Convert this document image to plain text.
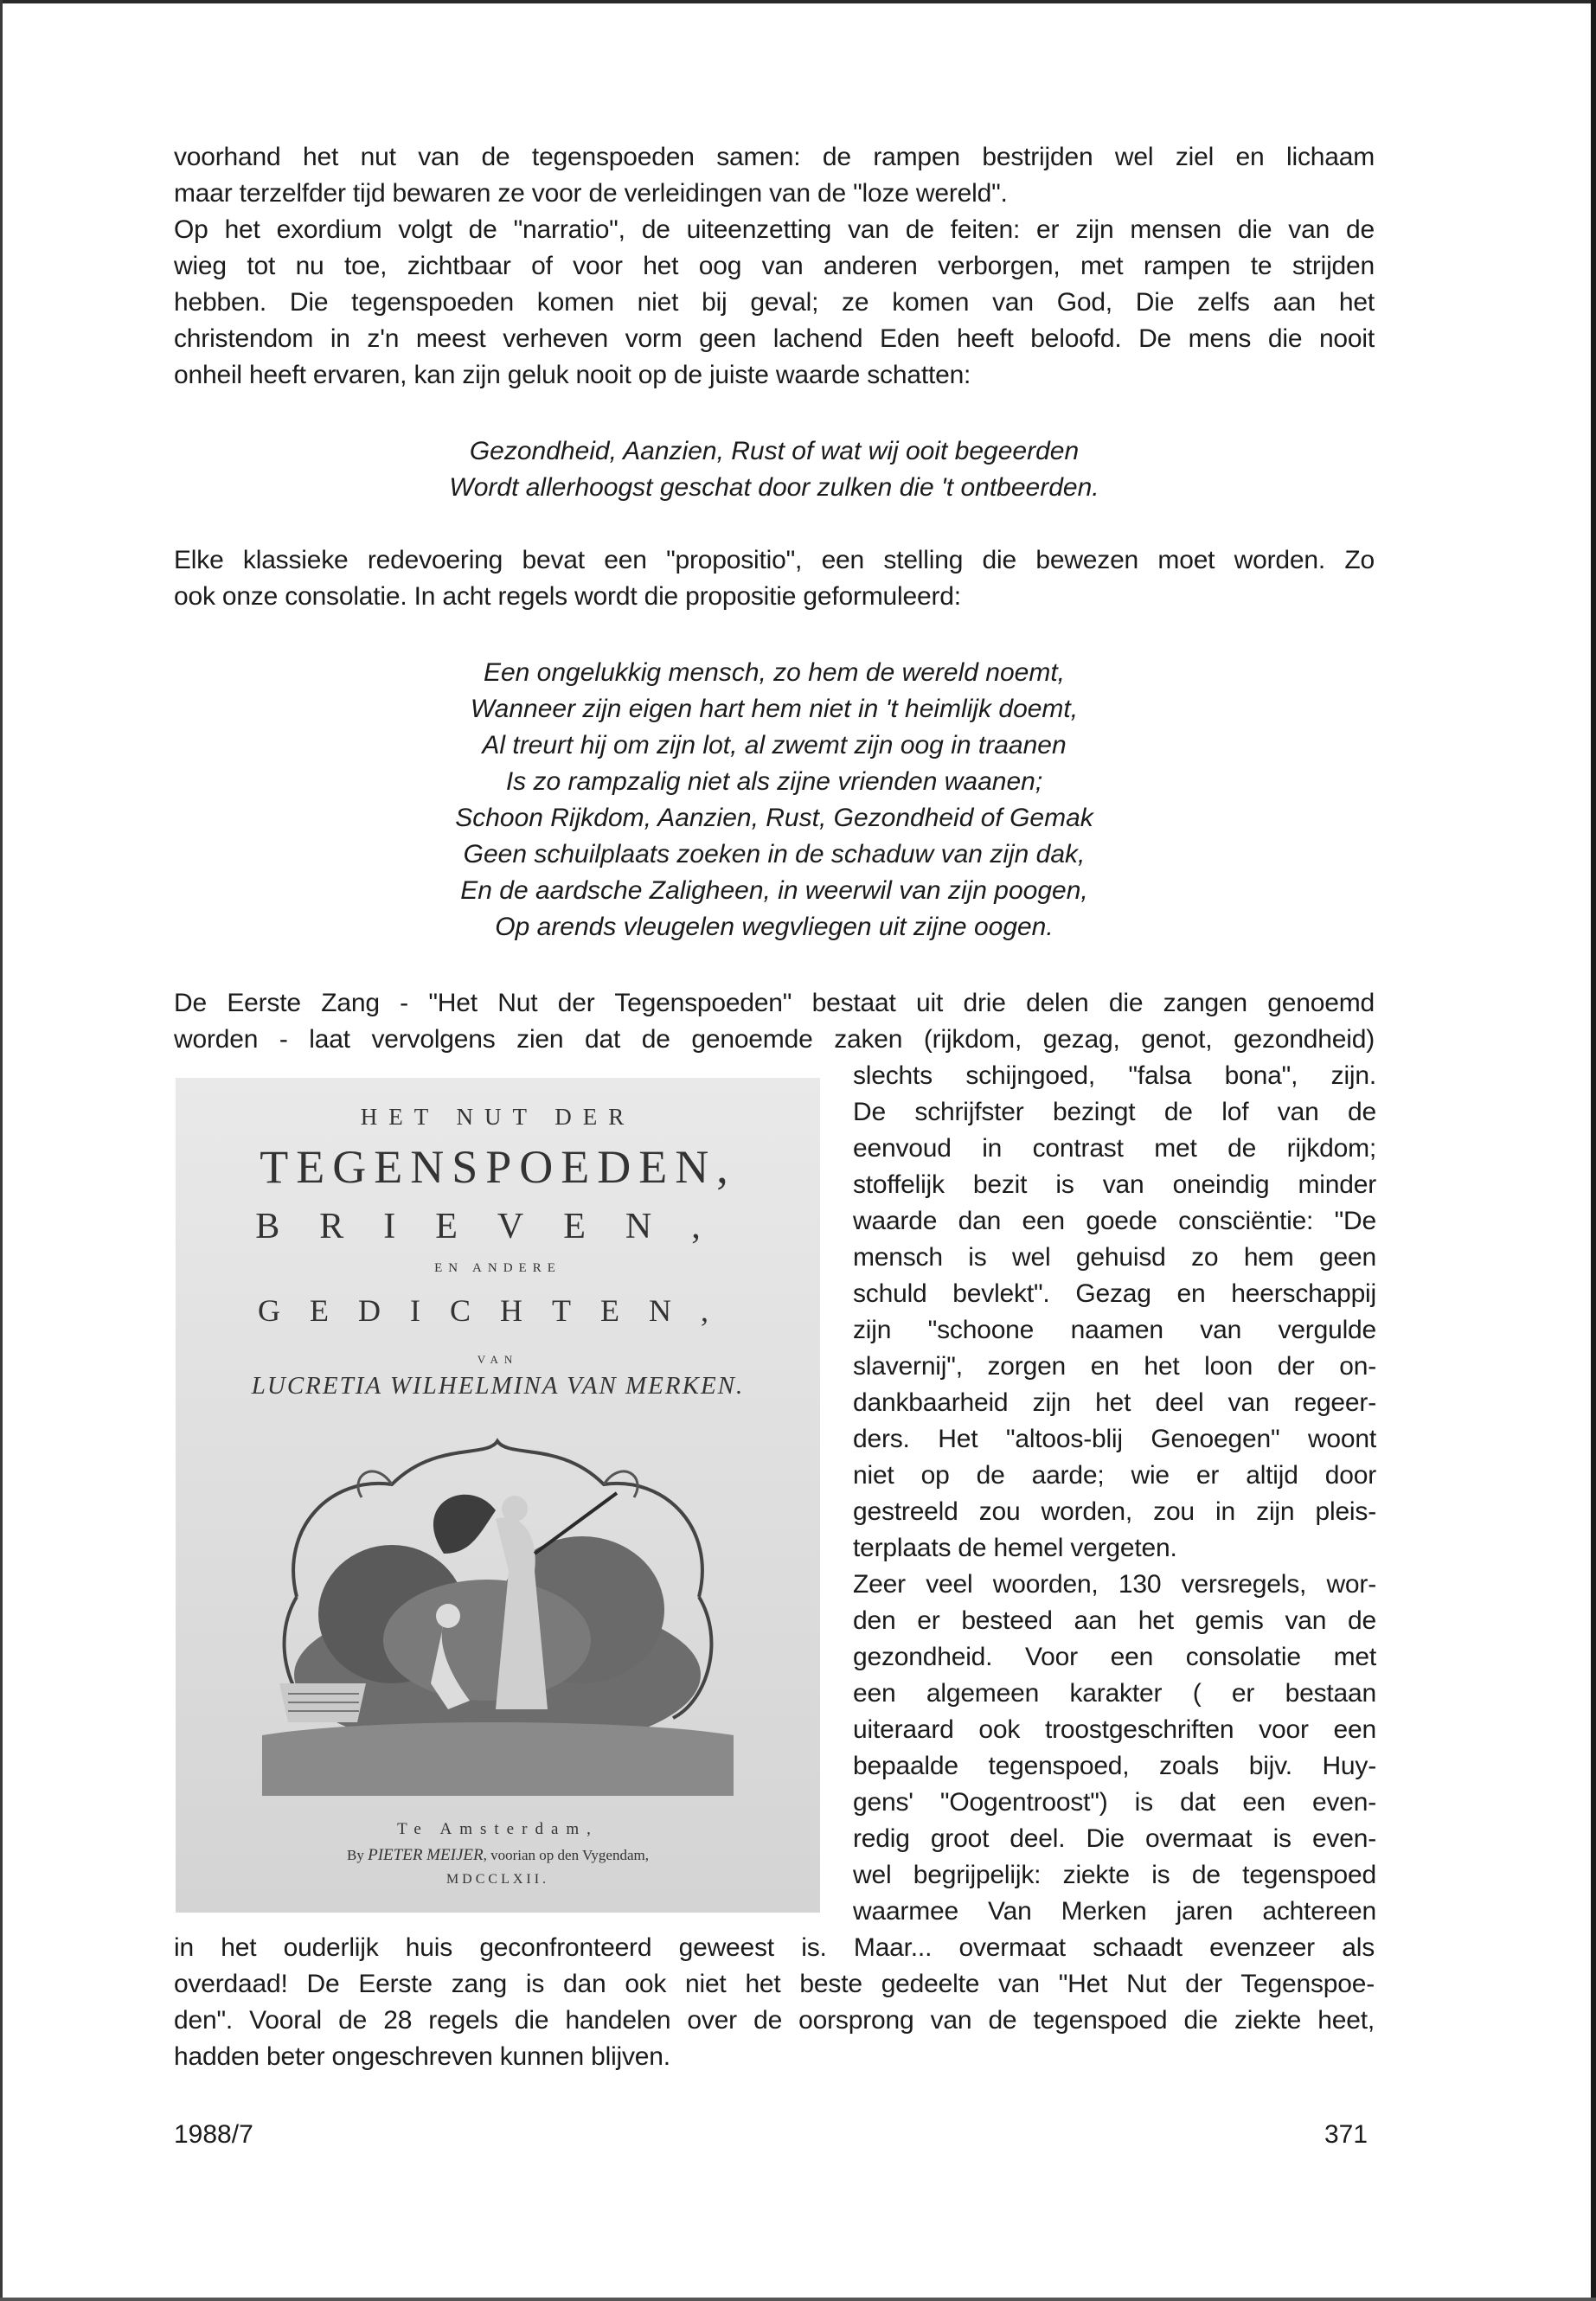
voorhand het nut van de tegenspoeden samen: de rampen bestrijden wel ziel en lichaam
maar terzelfder tijd bewaren ze voor de verleidingen van de "loze wereld".
Op het exordium volgt de "narratio", de uiteenzetting van de feiten: er zijn mensen die van de
wieg tot nu toe, zichtbaar of voor het oog van anderen verborgen, met rampen te strijden
hebben. Die tegenspoeden komen niet bij geval; ze komen van God, Die zelfs aan het
christendom in z'n meest verheven vorm geen lachend Eden heeft beloofd. De mens die nooit
onheil heeft ervaren, kan zijn geluk nooit op de juiste waarde schatten:
Gezondheid, Aanzien, Rust of wat wij ooit begeerden
Wordt allerhoogst geschat door zulken die 't ontbeerden.
Elke klassieke redevoering bevat een "propositio", een stelling die bewezen moet worden. Zo
ook onze consolatie. In acht regels wordt die propositie geformuleerd:
Een ongelukkig mensch, zo hem de wereld noemt,
Wanneer zijn eigen hart hem niet in 't heimlijk doemt,
Al treurt hij om zijn lot, al zwemt zijn oog in traanen
Is zo rampzalig niet als zijne vrienden waanen;
Schoon Rijkdom, Aanzien, Rust, Gezondheid of Gemak
Geen schuilplaats zoeken in de schaduw van zijn dak,
En de aardsche Zaligheen, in weerwil van zijn poogen,
Op arends vleugelen wegvliegen uit zijne oogen.
De Eerste Zang - "Het Nut der Tegenspoeden" bestaat uit drie delen die zangen genoemd
worden - laat vervolgens zien dat de genoemde zaken (rijkdom, gezag, genot, gezondheid)
HET NUT DER
TEGENSPOEDEN,
BRIEVEN,
EN ANDERE
GEDICHTEN,
VAN
LUCRETIA WILHELMINA VAN MERKEN.
Te Amsterdam,
By PIETER MEIJER, voorian op den Vygendam,
MDCCLXII.
slechts schijngoed, "falsa bona", zijn.
De schrijfster bezingt de lof van de
eenvoud in contrast met de rijkdom;
stoffelijk bezit is van oneindig minder
waarde dan een goede consciëntie: "De
mensch is wel gehuisd zo hem geen
schuld bevlekt". Gezag en heerschappij
zijn "schoone naamen van vergulde
slavernij", zorgen en het loon der on-
dankbaarheid zijn het deel van regeer-
ders. Het "altoos-blij Genoegen" woont
niet op de aarde; wie er altijd door
gestreeld zou worden, zou in zijn pleis-
terplaats de hemel vergeten.
Zeer veel woorden, 130 versregels, wor-
den er besteed aan het gemis van de
gezondheid. Voor een consolatie met
een algemeen karakter ( er bestaan
uiteraard ook troostgeschriften voor een
bepaalde tegenspoed, zoals bijv. Huy-
gens' "Oogentroost") is dat een even-
redig groot deel. Die overmaat is even-
wel begrijpelijk: ziekte is de tegenspoed
waarmee Van Merken jaren achtereen
in het ouderlijk huis geconfronteerd geweest is. Maar... overmaat schaadt evenzeer als
overdaad! De Eerste zang is dan ook niet het beste gedeelte van "Het Nut der Tegenspoe-
den". Vooral de 28 regels die handelen over de oorsprong van de tegenspoed die ziekte heet,
hadden beter ongeschreven kunnen blijven.
1988/7	371
